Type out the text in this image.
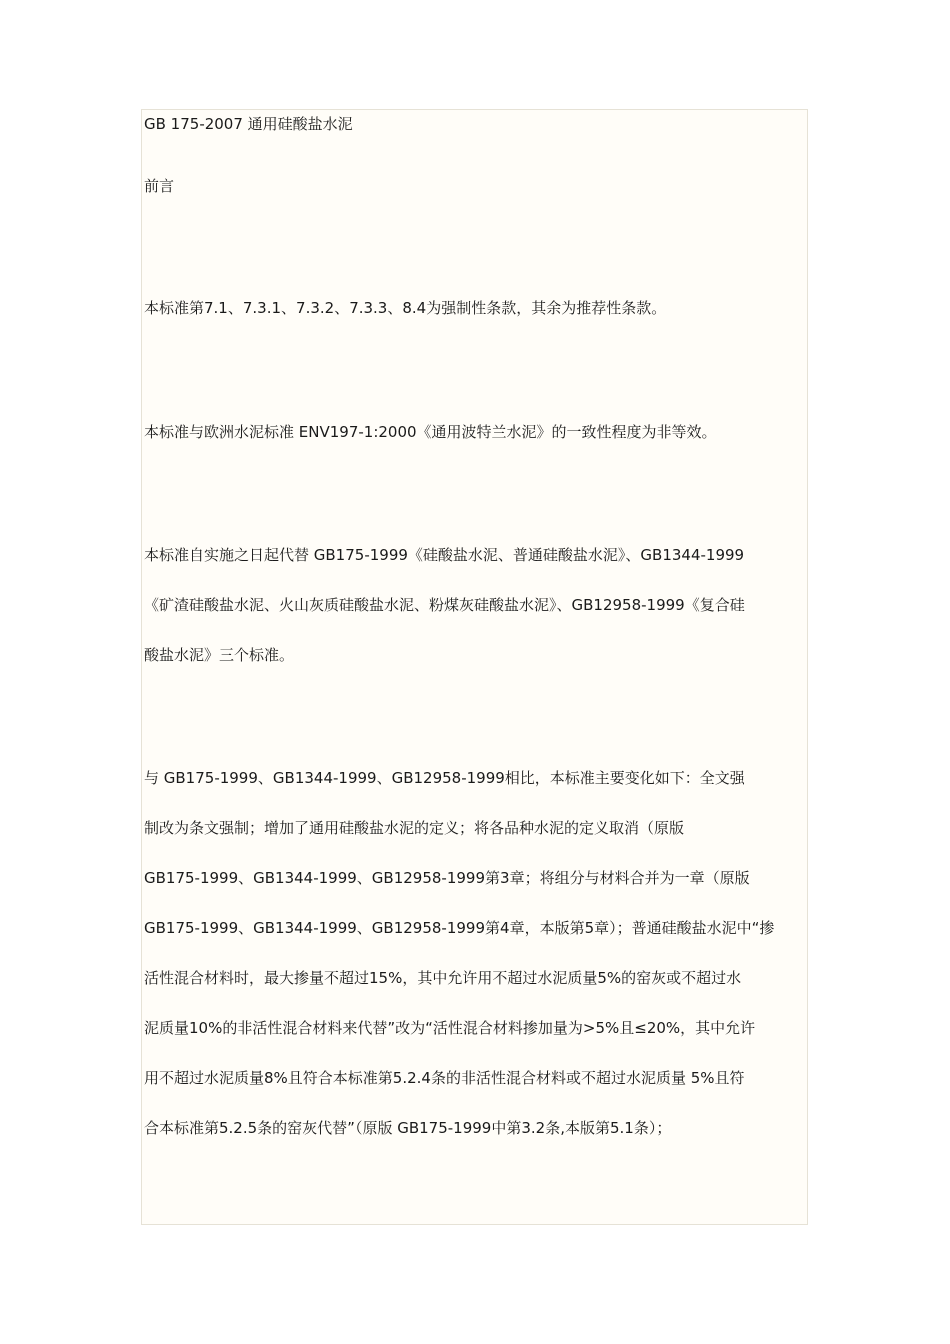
GB 175-2007 通用硅酸盐水泥
前言
本标准第7.1、7.3.1、7.3.2、7.3.3、8.4为强制性条款，其余为推荐性条款。
本标准与欧洲水泥标准 ENV197-1:2000《通用波特兰水泥》的一致性程度为非等效。
本标准自实施之日起代替 GB175-1999《硅酸盐水泥、普通硅酸盐水泥》、GB1344-1999
《矿渣硅酸盐水泥、火山灰质硅酸盐水泥、粉煤灰硅酸盐水泥》、GB12958-1999《复合硅
酸盐水泥》三个标准。
与 GB175-1999、GB1344-1999、GB12958-1999相比，本标准主要变化如下：全文强
制改为条文强制；增加了通用硅酸盐水泥的定义；将各品种水泥的定义取消（原版
GB175-1999、GB1344-1999、GB12958-1999第3章；将组分与材料合并为一章（原版
GB175-1999、GB1344-1999、GB12958-1999第4章，本版第5章）；普通硅酸盐水泥中“掺
活性混合材料时，最大掺量不超过15%，其中允许用不超过水泥质量5%的窑灰或不超过水
泥质量10%的非活性混合材料来代替”改为“活性混合材料掺加量为>5%且≤20%，其中允许
用不超过水泥质量8%且符合本标准第5.2.4条的非活性混合材料或不超过水泥质量 5%且符
合本标准第5.2.5条的窑灰代替”（原版 GB175-1999中第3.2条,本版第5.1条）；
